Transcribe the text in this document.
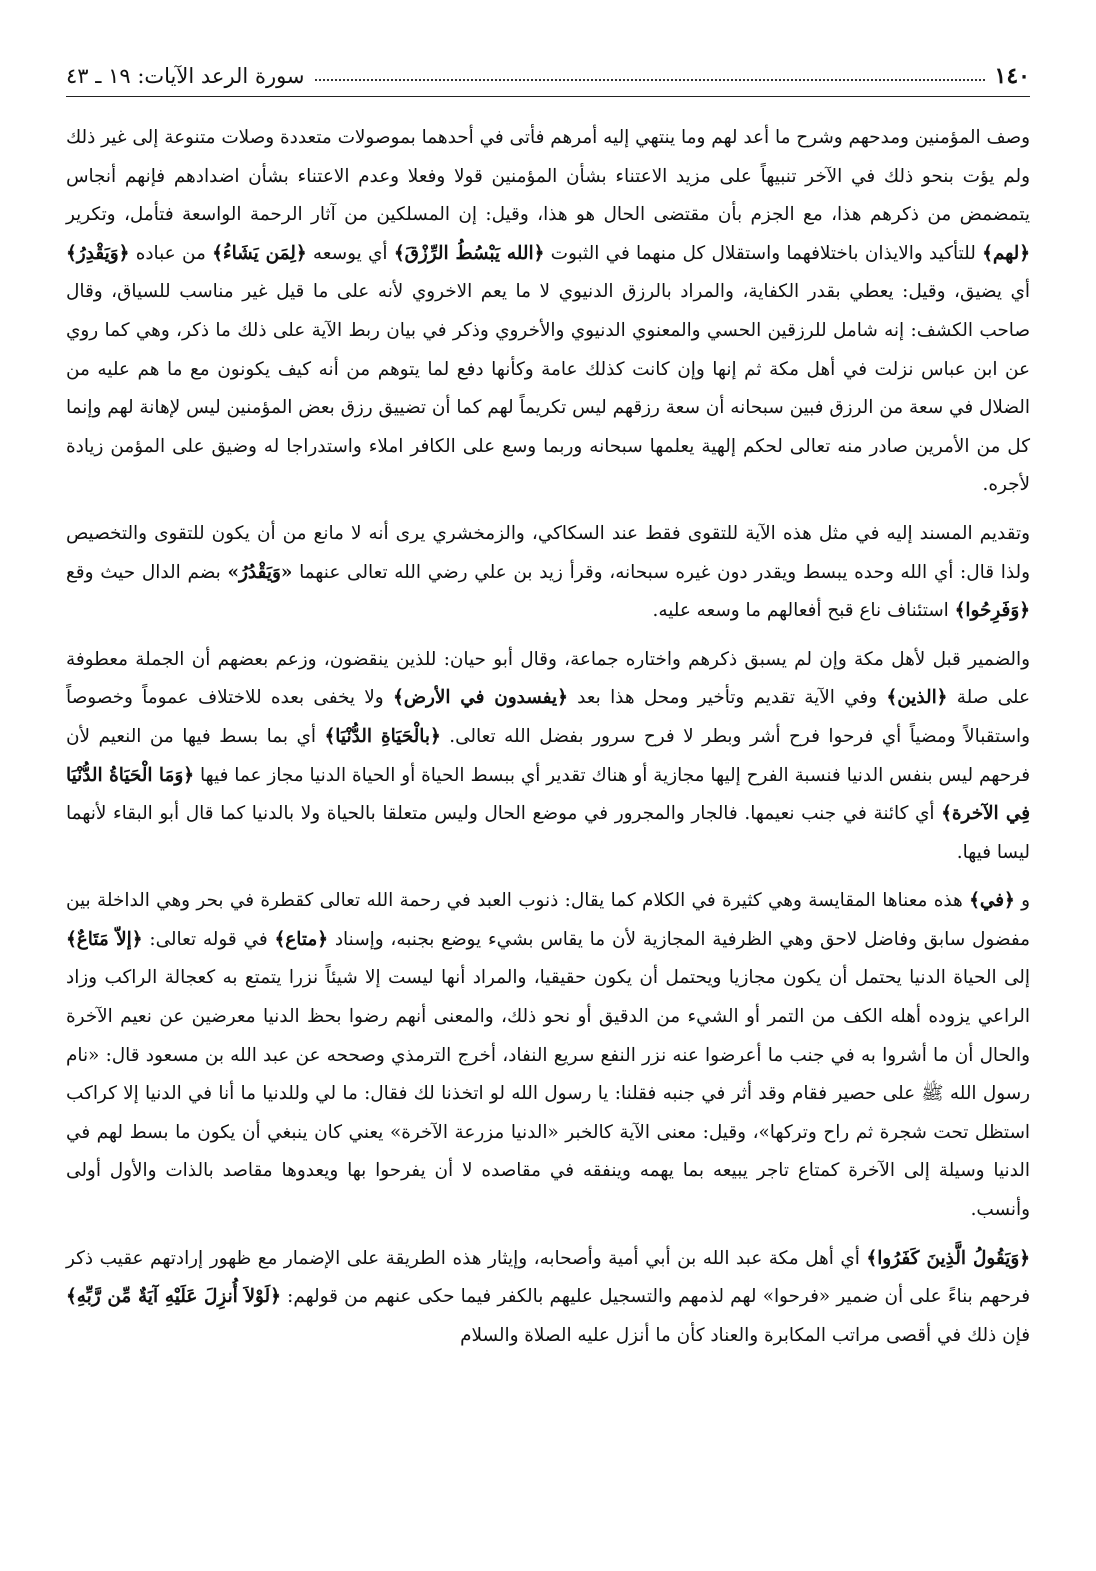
١٤٠
سورة الرعد الآيات: ١٩ ـ ٤٣

وصف المؤمنين ومدحهم وشرح ما أعد لهم وما ينتهي إليه أمرهم فأتى في أحدهما بموصولات متعددة وصلات متنوعة إلى غير ذلك ولم يؤت بنحو ذلك في الآخر تنبيهاً على مزيد الاعتناء بشأن المؤمنين قولا وفعلا وعدم الاعتناء بشأن اضدادهم فإنهم أنجاس يتمضمض من ذكرهم هذا، مع الجزم بأن مقتضى الحال هو هذا، وقيل: إن المسلكين من آثار الرحمة الواسعة فتأمل، وتكرير ﴿لهم﴾ للتأكيد والايذان باختلافهما واستقلال كل منهما في الثبوت ﴿الله يَبْسُطُ الرِّزْقَ﴾ أي يوسعه ﴿لِمَن يَشَاءُ﴾ من عباده ﴿وَيَقْدِرُ﴾ أي يضيق، وقيل: يعطي بقدر الكفاية، والمراد بالرزق الدنيوي لا ما يعم الاخروي لأنه على ما قيل غير مناسب للسياق، وقال صاحب الكشف: إنه شامل للرزقين الحسي والمعنوي الدنيوي والأخروي وذكر في بيان ربط الآية على ذلك ما ذكر، وهي كما روي عن ابن عباس نزلت في أهل مكة ثم إنها وإن كانت كذلك عامة وكأنها دفع لما يتوهم من أنه كيف يكونون مع ما هم عليه من الضلال في سعة من الرزق فبين سبحانه أن سعة رزقهم ليس تكريماً لهم كما أن تضييق رزق بعض المؤمنين ليس لإهانة لهم وإنما كل من الأمرين صادر منه تعالى لحكم إلهية يعلمها سبحانه وربما وسع على الكافر املاء واستدراجا له وضيق على المؤمن زيادة لأجره.

وتقديم المسند إليه في مثل هذه الآية للتقوى فقط عند السكاكي، والزمخشري يرى أنه لا مانع من أن يكون للتقوى والتخصيص ولذا قال: أي الله وحده يبسط ويقدر دون غيره سبحانه، وقرأ زيد بن علي رضي الله تعالى عنهما «وَيَقْدُرُ» بضم الدال حيث وقع ﴿وَفَرِحُوا﴾ استئناف ناع قبح أفعالهم ما وسعه عليه.

والضمير قبل لأهل مكة وإن لم يسبق ذكرهم واختاره جماعة، وقال أبو حيان: للذين ينقضون، وزعم بعضهم أن الجملة معطوفة على صلة ﴿الذين﴾ وفي الآية تقديم وتأخير ومحل هذا بعد ﴿يفسدون في الأرض﴾ ولا يخفى بعده للاختلاف عموماً وخصوصاً واستقبالاً ومضياً أي فرحوا فرح أشر وبطر لا فرح سرور بفضل الله تعالى. ﴿بالْحَيَاةِ الدُّنْيَا﴾ أي بما بسط فيها من النعيم لأن فرحهم ليس بنفس الدنيا فنسبة الفرح إليها مجازية أو هناك تقدير أي ببسط الحياة أو الحياة الدنيا مجاز عما فيها ﴿وَمَا الْحَيَاةُ الدُّنْيَا فِي الآخرة﴾ أي كائنة في جنب نعيمها. فالجار والمجرور في موضع الحال وليس متعلقا بالحياة ولا بالدنيا كما قال أبو البقاء لأنهما ليسا فيها.

و ﴿في﴾ هذه معناها المقايسة وهي كثيرة في الكلام كما يقال: ذنوب العبد في رحمة الله تعالى كقطرة في بحر وهي الداخلة بين مفضول سابق وفاضل لاحق وهي الظرفية المجازية لأن ما يقاس بشيء يوضع بجنبه، وإسناد ﴿متاع﴾ في قوله تعالى: ﴿إلاّ مَتَاعٌ﴾ إلى الحياة الدنيا يحتمل أن يكون مجازيا ويحتمل أن يكون حقيقيا، والمراد أنها ليست إلا شيئاً نزرا يتمتع به كعجالة الراكب وزاد الراعي يزوده أهله الكف من التمر أو الشيء من الدقيق أو نحو ذلك، والمعنى أنهم رضوا بحظ الدنيا معرضين عن نعيم الآخرة والحال أن ما أشروا به في جنب ما أعرضوا عنه نزر النفع سريع النفاد، أخرج الترمذي وصححه عن عبد الله بن مسعود قال: «نام رسول الله ﷺ على حصير فقام وقد أثر في جنبه فقلنا: يا رسول الله لو اتخذنا لك فقال: ما لي وللدنيا ما أنا في الدنيا إلا كراكب استظل تحت شجرة ثم راح وتركها»، وقيل: معنى الآية كالخبر «الدنيا مزرعة الآخرة» يعني كان ينبغي أن يكون ما بسط لهم في الدنيا وسيلة إلى الآخرة كمتاع تاجر يبيعه بما يهمه وينفقه في مقاصده لا أن يفرحوا بها ويعدوها مقاصد بالذات والأول أولى وأنسب.

﴿وَيَقُولُ الَّذِينَ كَفَرُوا﴾ أي أهل مكة عبد الله بن أبي أمية وأصحابه، وإيثار هذه الطريقة على الإضمار مع ظهور إرادتهم عقيب ذكر فرحهم بناءً على أن ضمير «فرحوا» لهم لذمهم والتسجيل عليهم بالكفر فيما حكى عنهم من قولهم: ﴿لَوْلاَ أُنزِلَ عَلَيْهِ آيَةٌ مِّن رَّبِّهِ﴾ فإن ذلك في أقصى مراتب المكابرة والعناد كأن ما أنزل عليه الصلاة والسلام
